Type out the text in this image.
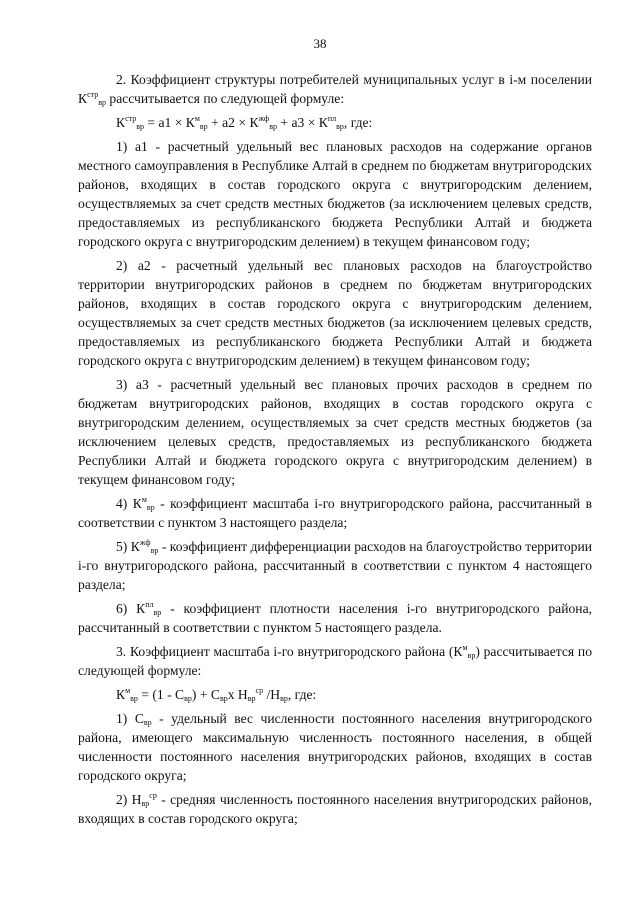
38

2. Коэффициент структуры потребителей муниципальных услуг в i-м поселении $К^{стр}_{вр}$ рассчитывается по следующей формуле:

$К^{стр}_{вр} = а1 \times К^м_{вр} + а2 \times К^{жф}_{вр} + а3 \times К^{пл}_{вр}$, где:

1) а1 - расчетный удельный вес плановых расходов на содержание органов местного самоуправления в Республике Алтай в среднем по бюджетам внутригородских районов, входящих в состав городского округа с внутригородским делением, осуществляемых за счет средств местных бюджетов (за исключением целевых средств, предоставляемых из республиканского бюджета Республики Алтай и бюджета городского округа с внутригородским делением) в текущем финансовом году;

2) а2 - расчетный удельный вес плановых расходов на благоустройство территории внутригородских районов в среднем по бюджетам внутригородских районов, входящих в состав городского округа с внутригородским делением, осуществляемых за счет средств местных бюджетов (за исключением целевых средств, предоставляемых из республиканского бюджета Республики Алтай и бюджета городского округа с внутригородским делением) в текущем финансовом году;

3) а3 - расчетный удельный вес плановых прочих расходов в среднем по бюджетам внутригородских районов, входящих в состав городского округа с внутригородским делением, осуществляемых за счет средств местных бюджетов (за исключением целевых средств, предоставляемых из республиканского бюджета Республики Алтай и бюджета городского округа с внутригородским делением) в текущем финансовом году;

4) $К^м_{вр}$ - коэффициент масштаба i-го внутригородского района, рассчитанный в соответствии с пунктом 3 настоящего раздела;

5) $К^{жф}_{вр}$ - коэффициент дифференциации расходов на благоустройство территории i-го внутригородского района, рассчитанный в соответствии с пунктом 4 настоящего раздела;

6) $К^{пл}_{вр}$ - коэффициент плотности населения i-го внутригородского района, рассчитанный в соответствии с пунктом 5 настоящего раздела.

3. Коэффициент масштаба i-го внутригородского района $(К^м_{вр})$ рассчитывается по следующей формуле:

$К^м_{вр} = (1 - С_{вр}) + С_{вр}х$ $Н_{вр}^{ср}$ $/Н_{вр}$, где:

1) $С_{вр}$ - удельный вес численности постоянного населения внутригородского района, имеющего максимальную численность постоянного населения, в общей численности постоянного населения внутригородских районов, входящих в состав городского округа;

2) $Н_{вр}^{ср}$ - средняя численность постоянного населения внутригородских районов, входящих в состав городского округа;
